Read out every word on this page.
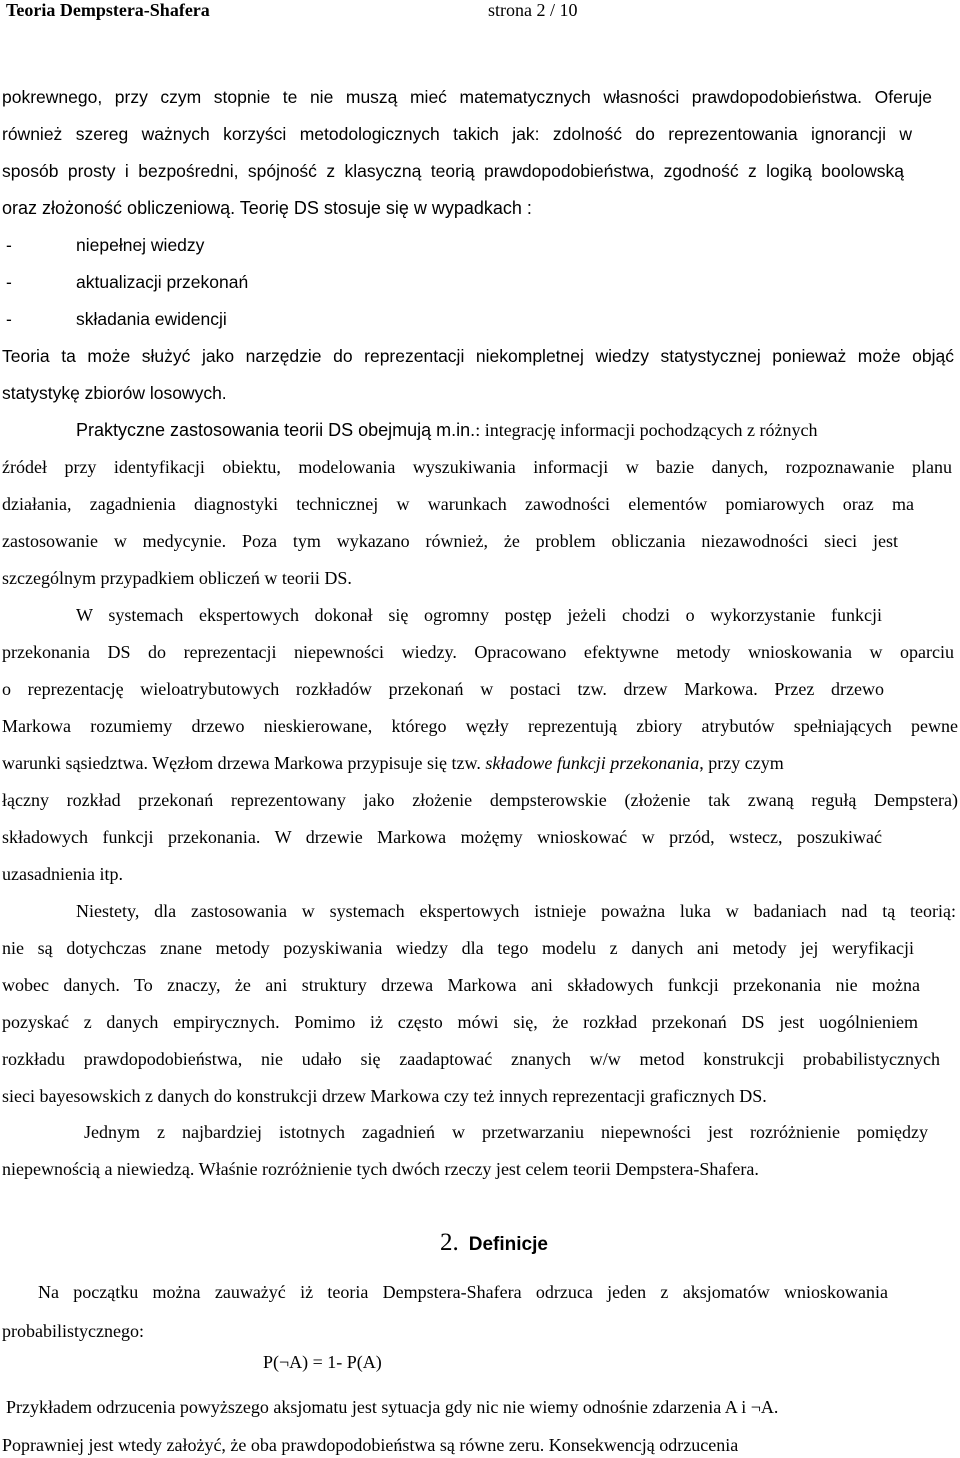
Teoria Dempstera-Shafera	strona 2 / 10
pokrewnego, przy czym stopnie te nie muszą mieć matematycznych własności prawdopodobieństwa. Oferuje
również szereg ważnych korzyści metodologicznych takich jak: zdolność do reprezentowania ignorancji w
sposób prosty i bezpośredni, spójność z klasyczną teorią prawdopodobieństwa, zgodność z logiką boolowską
oraz złożoność obliczeniową. Teorię DS stosuje się w wypadkach :
-	niepełnej wiedzy
-	aktualizacji przekonań
-	składania ewidencji
Teoria ta może służyć jako narzędzie do reprezentacji niekompletnej wiedzy statystycznej ponieważ może objąć
statystykę zbiorów losowych.
Praktyczne zastosowania teorii DS obejmują m.in.: integrację informacji pochodzących z różnych
źródeł przy identyfikacji obiektu, modelowania wyszukiwania informacji w bazie danych, rozpoznawanie planu
działania, zagadnienia diagnostyki technicznej w warunkach zawodności elementów pomiarowych oraz ma
zastosowanie w medycynie. Poza tym wykazano również, że problem obliczania niezawodności sieci jest
szczególnym przypadkiem obliczeń w teorii DS.
W systemach ekspertowych dokonał się ogromny postęp jeżeli chodzi o wykorzystanie funkcji
przekonania DS do reprezentacji niepewności wiedzy. Opracowano efektywne metody wnioskowania w oparciu
o reprezentację wieloatrybutowych rozkładów przekonań w postaci tzw. drzew Markowa. Przez drzewo
Markowa rozumiemy drzewo nieskierowane, którego węzły reprezentują zbiory atrybutów spełniających pewne
warunki sąsiedztwa. Węzłom drzewa Markowa przypisuje się tzw. składowe funkcji przekonania, przy czym
łączny rozkład przekonań reprezentowany jako złożenie dempsterowskie (złożenie tak zwaną regułą Dempstera)
składowych funkcji przekonania. W drzewie Markowa możęmy wnioskować w przód, wstecz, poszukiwać
uzasadnienia itp.
Niestety, dla zastosowania w systemach ekspertowych istnieje poważna luka w badaniach nad tą teorią:
nie są dotychczas znane metody pozyskiwania wiedzy dla tego modelu z danych ani metody jej weryfikacji
wobec danych. To znaczy, że ani struktury drzewa Markowa ani składowych funkcji przekonania nie można
pozyskać z danych empirycznych. Pomimo iż często mówi się, że rozkład przekonań DS jest uogólnieniem
rozkładu prawdopodobieństwa, nie udało się zaadaptować znanych w/w metod konstrukcji probabilistycznych
sieci bayesowskich z danych do konstrukcji drzew Markowa czy też innych reprezentacji graficznych DS.
Jednym z najbardziej istotnych zagadnień w przetwarzaniu niepewności jest rozróżnienie pomiędzy
niepewnością a niewiedzą. Właśnie rozróżnienie tych dwóch rzeczy jest celem teorii Dempstera-Shafera.
2. Definicje
Na początku można zauważyć iż teoria Dempstera-Shafera odrzuca jeden z aksjomatów wnioskowania
probabilistycznego:
P(¬A) = 1- P(A)
Przykładem odrzucenia powyższego aksjomatu jest sytuacja gdy nic nie wiemy odnośnie zdarzenia A i ¬A.
Poprawniej jest wtedy założyć, że oba prawdopodobieństwa są równe zeru. Konsekwencją odrzucenia
